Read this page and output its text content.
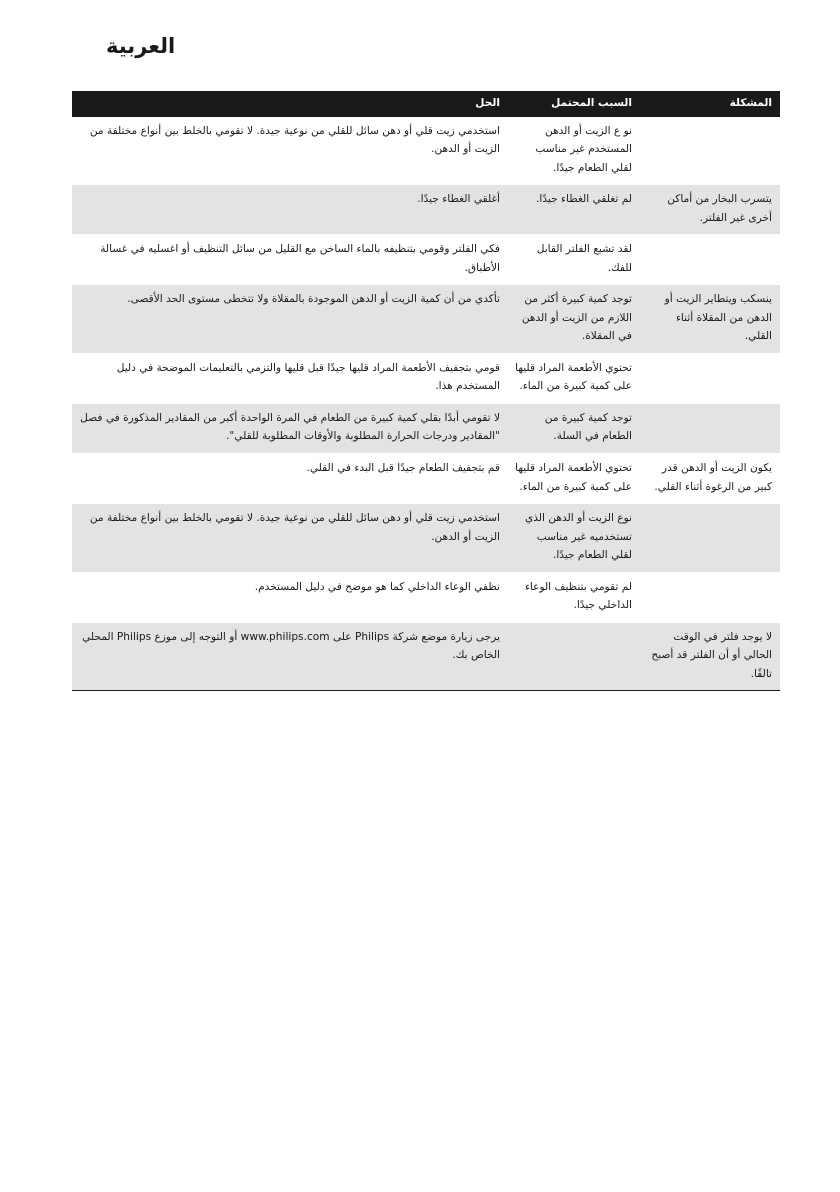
العربية
المشكلة	السبب المحتمل	الحل
	نو ع الزيت أو الدهن المستخدم غير مناسب لقلي الطعام جيدًا.	استخدمي زيت قلي أو دهن سائل للقلي من نوعية جيدة. لا تقومي بالخلط بين أنواع مختلفة من الزيت أو الدهن.
يتسرب البخار من أماكن أخرى غير الفلتر.	لم تغلقي الغطاء جيدًا.	أغلقي الغطاء جيدًا.
	لقد تشبع الفلتر القابل للفك.	فكي الفلتر وقومي بتنظيفه بالماء الساخن مع القليل من سائل التنظيف أو اغسليه في غسالة الأطباق.
ينسكب ويتطاير الزيت أو الدهن من المقلاة أثناء القلي.	توجد كمية كبيرة أكثر من اللازم من الزيت أو الدهن في المقلاة.	تأكدي من أن كمية الزيت أو الدهن الموجودة بالمقلاة ولا تتخطى مستوى الحد الأقصى.
	تحتوي الأطعمة المراد قليها على كمية كبيرة من الماء.	قومي بتجفيف الأطعمة المراد قليها جيدًا قبل قليها والتزمي بالتعليمات الموضحة في دليل المستخدم هذا.
	توجد كمية كبيرة من الطعام في السلة.	لا تقومي أبدًا بقلي كمية كبيرة من الطعام في المرة الواحدة أكبر من المقادير المذكورة في فصل "المقادير ودرجات الحرارة المطلوبة والأوقات المطلوبة للقلي".
يكون الزيت أو الدهن قدر كبير من الرغوة أثناء القلي.	تحتوي الأطعمة المراد قليها على كمية كبيرة من الماء.	قم بتجفيف الطعام جيدًا قبل البدء في القلي.
	نوع الزيت أو الدهن الذي تستخدميه غير مناسب لقلي الطعام جيدًا.	استخدمي زيت قلي أو دهن سائل للقلي من نوعية جيدة. لا تقومي بالخلط بين أنواع مختلفة من الزيت أو الدهن.
	لم تقومي بتنظيف الوعاء الداخلي جيدًا.	نظفي الوعاء الداخلي كما هو موضح في دليل المستخدم.
لا يوجد فلتر في الوقت الحالي أو أن الفلتر قد أصبح تالفًا.		يرجى زيارة موضع شركة Philips على www.philips.com أو التوجه إلى موزع Philips المحلي الخاص بك.
